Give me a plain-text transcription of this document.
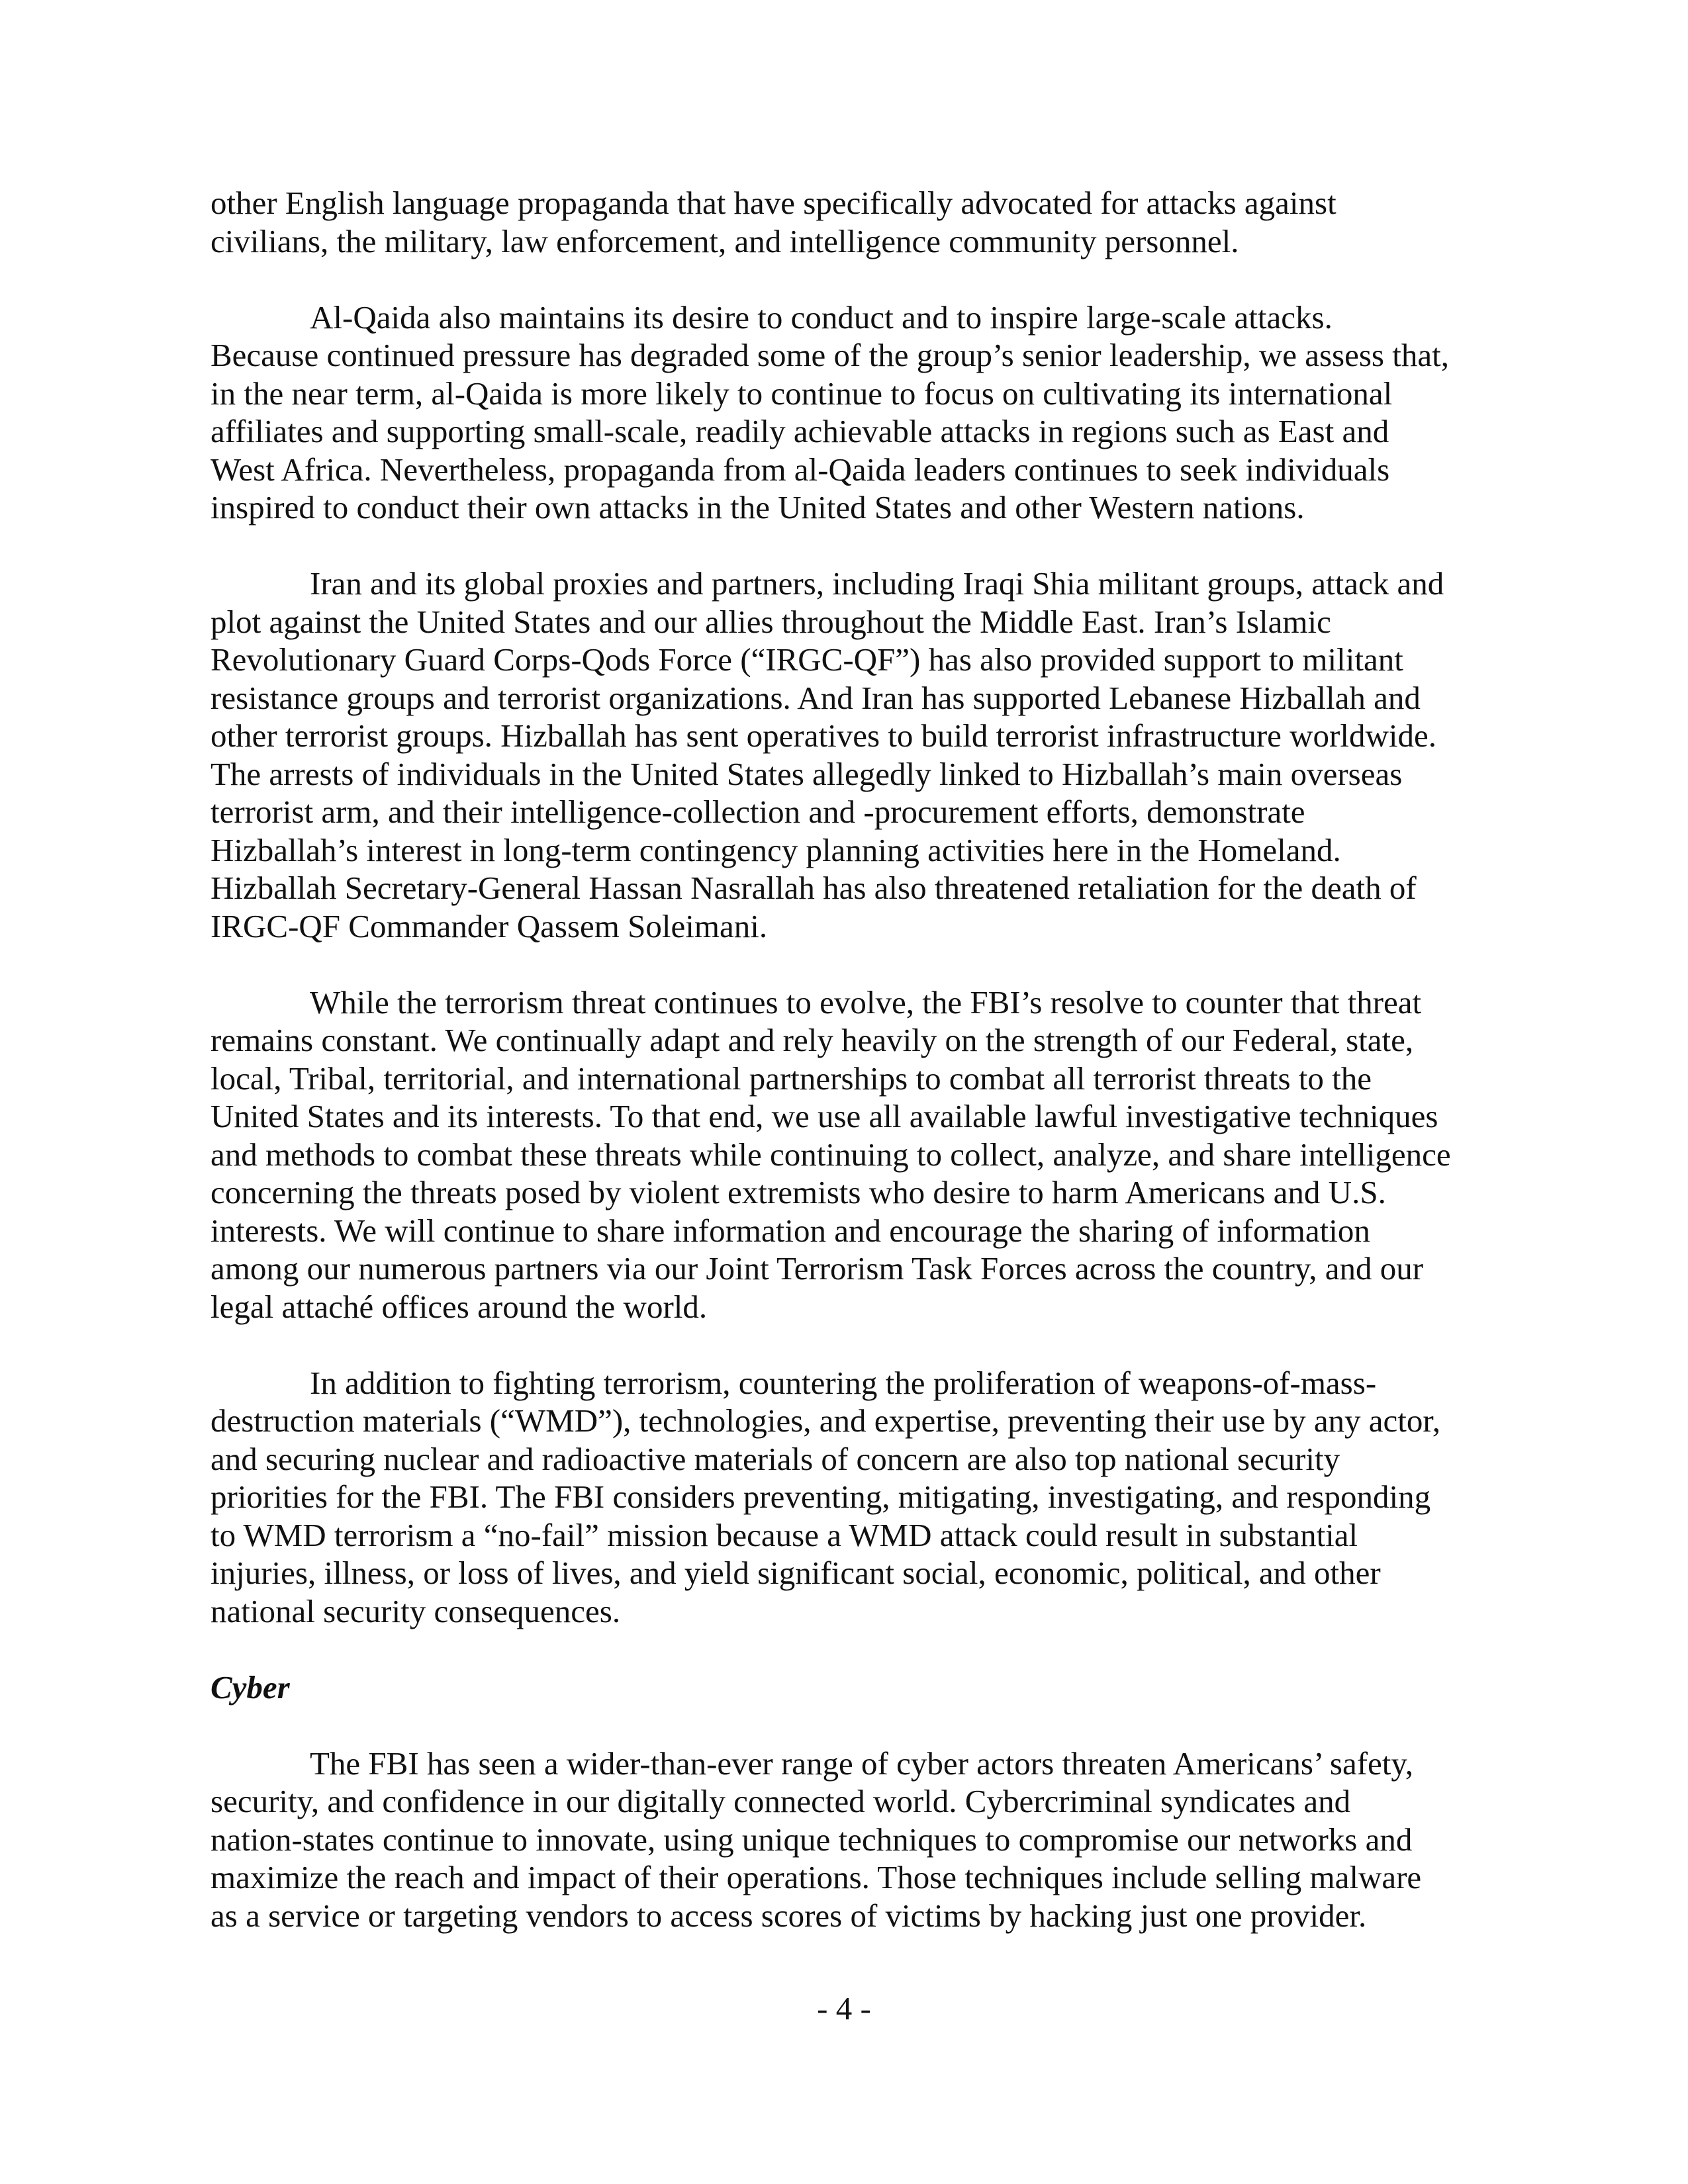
other English language propaganda that have specifically advocated for attacks against
civilians, the military, law enforcement, and intelligence community personnel.

Al-Qaida also maintains its desire to conduct and to inspire large-scale attacks.
Because continued pressure has degraded some of the group’s senior leadership, we assess that,
in the near term, al-Qaida is more likely to continue to focus on cultivating its international
affiliates and supporting small-scale, readily achievable attacks in regions such as East and
West Africa. Nevertheless, propaganda from al-Qaida leaders continues to seek individuals
inspired to conduct their own attacks in the United States and other Western nations.

Iran and its global proxies and partners, including Iraqi Shia militant groups, attack and
plot against the United States and our allies throughout the Middle East. Iran’s Islamic
Revolutionary Guard Corps-Qods Force (“IRGC-QF”) has also provided support to militant
resistance groups and terrorist organizations. And Iran has supported Lebanese Hizballah and
other terrorist groups. Hizballah has sent operatives to build terrorist infrastructure worldwide.
The arrests of individuals in the United States allegedly linked to Hizballah’s main overseas
terrorist arm, and their intelligence-collection and -procurement efforts, demonstrate
Hizballah’s interest in long-term contingency planning activities here in the Homeland.
Hizballah Secretary-General Hassan Nasrallah has also threatened retaliation for the death of
IRGC-QF Commander Qassem Soleimani.

While the terrorism threat continues to evolve, the FBI’s resolve to counter that threat
remains constant. We continually adapt and rely heavily on the strength of our Federal, state,
local, Tribal, territorial, and international partnerships to combat all terrorist threats to the
United States and its interests. To that end, we use all available lawful investigative techniques
and methods to combat these threats while continuing to collect, analyze, and share intelligence
concerning the threats posed by violent extremists who desire to harm Americans and U.S.
interests. We will continue to share information and encourage the sharing of information
among our numerous partners via our Joint Terrorism Task Forces across the country, and our
legal attaché offices around the world.

In addition to fighting terrorism, countering the proliferation of weapons-of-mass-
destruction materials (“WMD”), technologies, and expertise, preventing their use by any actor,
and securing nuclear and radioactive materials of concern are also top national security
priorities for the FBI. The FBI considers preventing, mitigating, investigating, and responding
to WMD terrorism a “no-fail” mission because a WMD attack could result in substantial
injuries, illness, or loss of lives, and yield significant social, economic, political, and other
national security consequences.

Cyber

The FBI has seen a wider-than-ever range of cyber actors threaten Americans’ safety,
security, and confidence in our digitally connected world. Cybercriminal syndicates and
nation-states continue to innovate, using unique techniques to compromise our networks and
maximize the reach and impact of their operations. Those techniques include selling malware
as a service or targeting vendors to access scores of victims by hacking just one provider.

- 4 -
